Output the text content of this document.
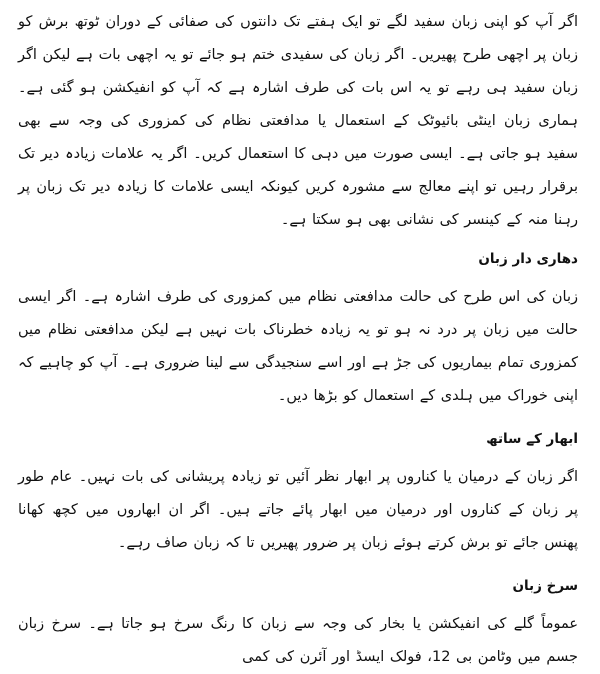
اگر آپ کو اپنی زبان سفید لگے تو ایک ہفتے تک دانتوں کی صفائی کے دوران ٹوتھ برش کو زبان پر اچھی طرح پھیریں۔ اگر زبان کی سفیدی ختم ہو جائے تو یہ اچھی بات ہے لیکن اگر زبان سفید ہی رہے تو یہ اس بات کی طرف اشارہ ہے کہ آپ کو انفیکشن ہو گئی ہے۔ ہماری زبان اینٹی بائیوٹک کے استعمال یا مدافعتی نظام کی کمزوری کی وجہ سے بھی سفید ہو جاتی ہے۔ ایسی صورت میں دہی کا استعمال کریں۔ اگر یہ علامات زیادہ دیر تک برقرار رہیں تو اپنے معالج سے مشورہ کریں کیونکہ ایسی علامات کا زیادہ دیر تک زبان پر رہنا منہ کے کینسر کی نشانی بھی ہو سکتا ہے۔

دھاری دار زبان

زبان کی اس طرح کی حالت مدافعتی نظام میں کمزوری کی طرف اشارہ ہے۔ اگر ایسی حالت میں زبان پر درد نہ ہو تو یہ زیادہ خطرناک بات نہیں ہے لیکن مدافعتی نظام میں کمزوری تمام بیماریوں کی جڑ ہے اور اسے سنجیدگی سے لینا ضروری ہے۔ آپ کو چاہیے کہ اپنی خوراک میں ہلدی کے استعمال کو بڑھا دیں۔

ابھار کے ساتھ

اگر زبان کے درمیان یا کناروں پر ابھار نظر آئیں تو زیادہ پریشانی کی بات نہیں۔ عام طور پر زبان کے کناروں اور درمیان میں ابھار پائے جاتے ہیں۔ اگر ان ابھاروں میں کچھ کھانا پھنس جائے تو برش کرتے ہوئے زبان پر ضرور پھیریں تا کہ زبان صاف رہے۔

سرخ زبان

عموماً گلے کی انفیکشن یا بخار کی وجہ سے زبان کا رنگ سرخ ہو جاتا ہے۔ سرخ زبان جسم میں وٹامن بی 12، فولک ایسڈ اور آئرن کی کمی
